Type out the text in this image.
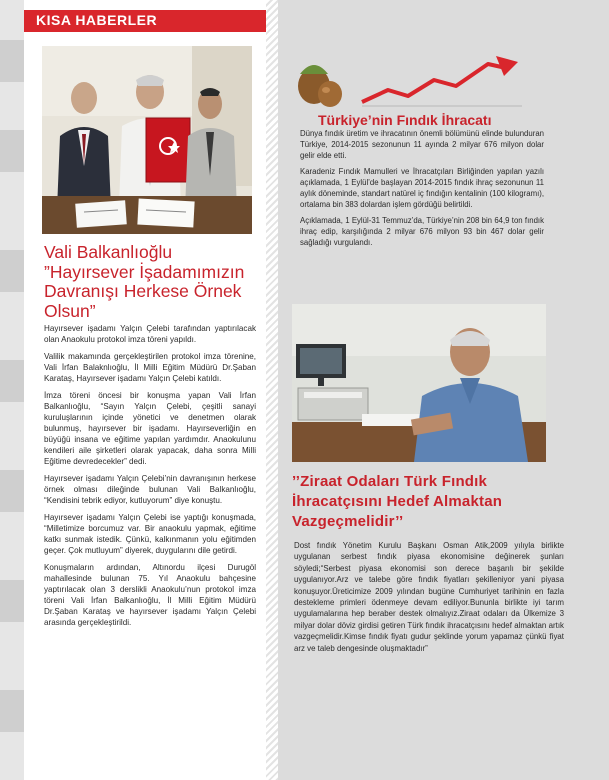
KISA HABERLER
Vali Balkanlıoğlu ”Hayırsever İşadamımızın Davranışı Herkese Örnek Olsun”

Hayırsever işadamı Yalçın Çelebi tarafından yaptırılacak olan Anaokulu protokol imza töreni yapıldı.

Valilik makamında gerçekleştirilen protokol imza törenine, Vali İrfan Balaknlıoğlu, İl Milli Eğitim Müdürü Dr.Şaban Karataş, Hayırsever işadamı Yalçın Çelebi katıldı.

İmza töreni öncesi bir konuşma yapan Vali İrfan Balkanlıoğlu, “Sayın Yalçın Çelebi, çeşitli sanayi kuruluşlarının içinde yönetici ve denetmen olarak bulunmuş, hayırsever bir işadamı. Hayırseverliğin en büyüğü insana ve eğitime yapılan yardımdır. Anaokulunu kendileri aile şirketleri olarak yapacak, daha sonra Milli Eğitime devredecekler” dedi.

Hayırsever işadamı Yalçın Çelebi’nin davranışının herkese örnek olması dileğinde bulunan Vali Balkanlıoğlu, “Kendisini tebrik ediyor, kutluyorum” diye konuştu.

Hayırsever işadamı Yalçın Çelebi ise yaptığı konuşmada, “Milletimize borcumuz var. Bir anaokulu yapmak, eğitime katkı sunmak istedik. Çünkü, kalkınmanın yolu eğitimden geçer. Çok mutluyum” diyerek, duygularını dile getirdi.

Konuşmaların ardından, Altınordu ilçesi Durugöl mahallesinde bulunan 75. Yıl Anaokulu bahçesine yaptırılacak olan 3 derslikli Anaokulu’nun protokol imza töreni Vali İrfan Balkanlıoğlu, İl Milli Eğitim Müdürü Dr.Şaban Karataş ve hayırsever işadamı Yalçın Çelebi arasında gerçekleştirildi.

Türkiye’nin Fındık İhracatı

Dünya fındık üretim ve ihracatının önemli bölümünü elinde bulunduran Türkiye, 2014-2015 sezonunun 11 ayında 2 milyar 676 milyon dolar gelir elde etti.

Karadeniz Fındık Mamulleri ve İhracatçıları Birliğinden yapılan yazılı açıklamada, 1 Eylül’de başlayan 2014-2015 fındık ihraç sezonunun 11 aylık döneminde, standart natürel iç fındığın kentalinin (100 kilogramı), ortalama bin 383 dolardan işlem gördüğü belirtildi.

Açıklamada, 1 Eylül-31 Temmuz’da, Türkiye’nin 208 bin 64,9 ton fındık ihraç edip, karşılığında 2 milyar 676 milyon 93 bin 467 dolar gelir sağladığı vurgulandı.

’’Ziraat Odaları Türk Fındık İhracatçısını Hedef Almaktan Vazgeçmelidir’’
Dost fındık Yönetim Kurulu Başkanı Osman Atik,2009 yılıyla birlikte uygulanan serbest fındık piyasa ekonomisine değinerek şunları söyledi;“Serbest piyasa ekonomisi son derece başarılı bir şekilde uygulanıyor.Arz ve talebe göre fındık fiyatları şekilleniyor yani piyasa konuşuyor.Üreticimize 2009 yılından bugüne Cumhuriyet tarihinin en fazla destekleme primleri ödenmeye devam ediliyor.Bununla birlikte iyi tarım uygulamalarına hep beraber destek olmalıyız.Ziraat odaları da Ülkemize 3 milyar dolar döviz girdisi getiren Türk fındık ihracatçısını hedef almaktan artık vazgeçmelidir.Kimse fındık fiyatı gudur şeklinde yorum yapamaz çünkü fiyat arz ve taleb dengesinde oluşmaktadır”
